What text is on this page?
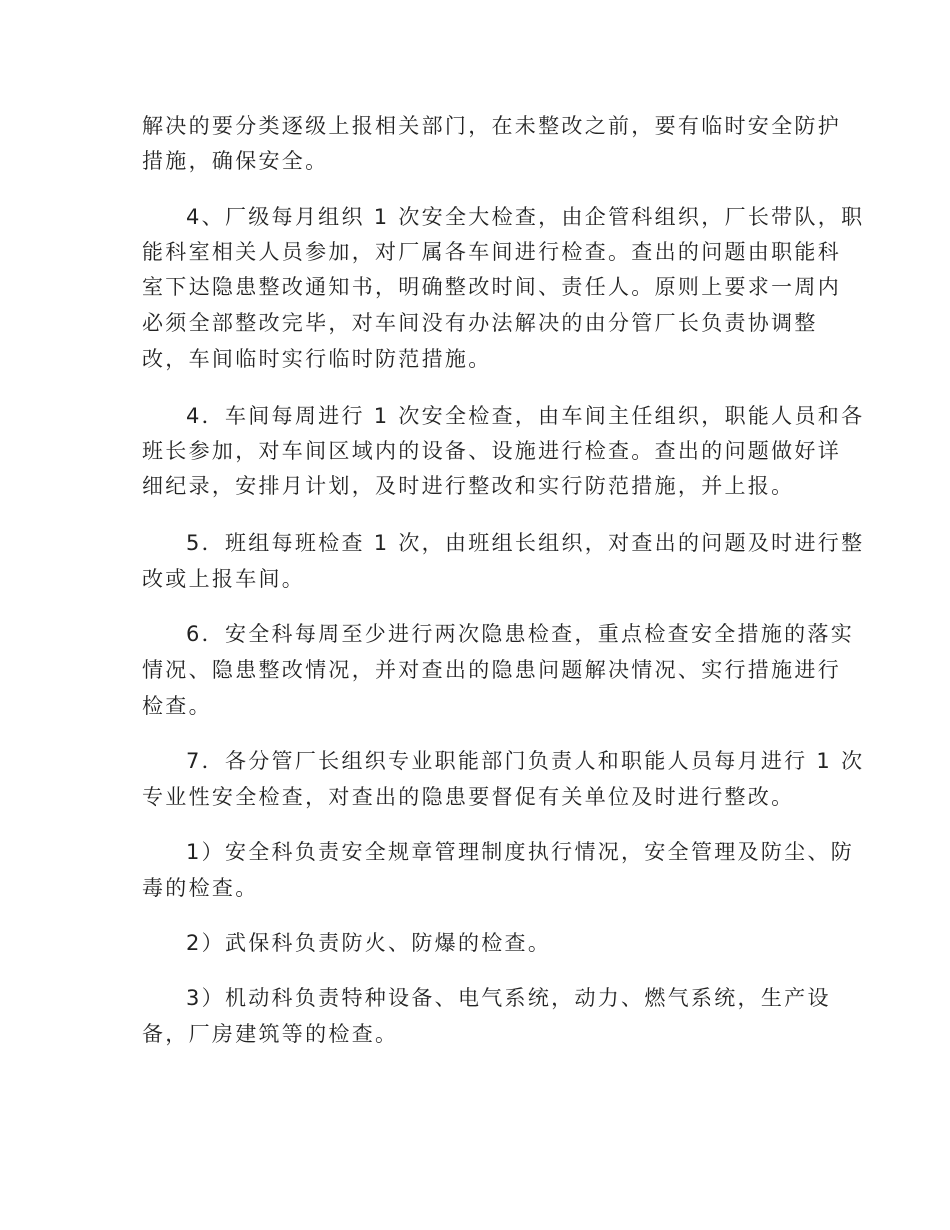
解决的要分类逐级上报相关部门，在未整改之前，要有临时安全防护
措施，确保安全。
4、厂级每月组织 1 次安全大检查，由企管科组织，厂长带队，职
能科室相关人员参加，对厂属各车间进行检查。查出的问题由职能科
室下达隐患整改通知书，明确整改时间、责任人。原则上要求一周内
必须全部整改完毕，对车间没有办法解决的由分管厂长负责协调整
改，车间临时实行临时防范措施。
4．车间每周进行 1 次安全检查，由车间主任组织，职能人员和各
班长参加，对车间区域内的设备、设施进行检查。查出的问题做好详
细纪录，安排月计划，及时进行整改和实行防范措施，并上报。
5．班组每班检查 1 次，由班组长组织，对查出的问题及时进行整
改或上报车间。
6．安全科每周至少进行两次隐患检查，重点检查安全措施的落实
情况、隐患整改情况，并对查出的隐患问题解决情况、实行措施进行
检查。
7．各分管厂长组织专业职能部门负责人和职能人员每月进行 1 次
专业性安全检查，对查出的隐患要督促有关单位及时进行整改。
1）安全科负责安全规章管理制度执行情况，安全管理及防尘、防
毒的检查。
2）武保科负责防火、防爆的检查。
3）机动科负责特种设备、电气系统，动力、燃气系统，生产设
备，厂房建筑等的检查。
